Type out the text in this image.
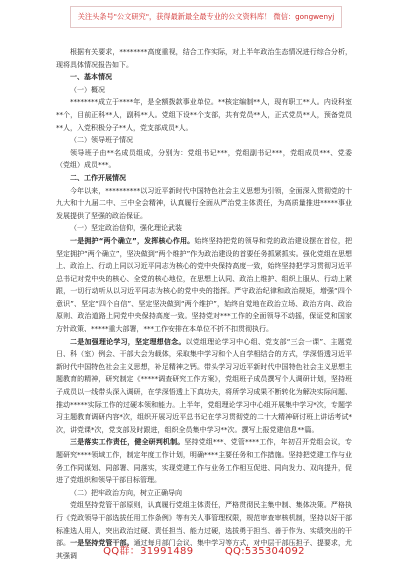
关注头条号"公文研究"，获得最新最全最专业的公文资料库！ 微信：gongwenyj

根据有关要求，********高度重视，结合工作实际，对上半年政治生态情况进行综合分析，现将具体情况报告如下。

一、基本情况

（一）概况

********成立于****年，是全额拨款事业单位。**核定编制**人，现有职工**人。内设科室**个，目前正科**人，副科**人。党组下设**个支部，共有党员**人，正式党员**人，预备党员**人，入党积极分子**人，党支部成员*人。

（二）领导班子情况

领导班子由**名成员组成，分别为：党组书记***，党组副书记***，党组成员***、党委（党组）成员***。

二、工作开展情况

今年以来，**********以习近平新时代中国特色社会主义思想为引领，全面深入贯彻党的十九大和十九届二中、三中全会精神，认真履行全面从严治党主体责任，为高质量推进*****事业发展提供了坚强的政治保证。

（一）坚定政治信仰，强化理论武装

一是拥护“两个确立”，发挥核心作用。始终坚持把党的领导和党的政治建设摆在首位，把坚定拥护“两个确立”，坚决做到“两个维护”作为政治建设的首要任务抓紧抓实。强化党组在思想上、政治上、行动上同以习近平同志为核心的党中央保持高度一致，始终坚持把学习贯彻习近平总书记对党中央的核心、全党的核心地位，在思想上认同、政治上维护、组织上服从、行动上紧跟，一切行动听从以习近平同志为核心的党中央的指挥。严守政治纪律和政治规矩，增强“四个意识”、坚定“四个自信”、坚定坚决做到“两个维护”，始终自觉地在政治立场、政治方向、政治原则、政治道路上同党中央保持高度一致。坚持党对***工作的全面领导不动摇，保证党和国家方针政策、*****重大部署，***工作安排在本单位不折不扣贯彻执行。

二是加强理论学习，坚定理想信念。以党组理论学习中心组、党支部“三会一课”、主题党日、科（室）例会、干部大会为载体，采取集中学习和个人自学相结合的方式，学深悟透习近平新时代中国特色社会主义思想，补足精神之钙。带头学习习近平新时代中国特色社会主义思想主题教育的精神，研究制定《*****调查研究工作方案》，党组班子成员撰写个人调研计划，坚持班子成员以一线带头深入调研，在学深悟透上下真功夫，将所学习成果不断转化为解决实际问题、推动*****实际工作的过硬本领和能力。上半年，党组理论学习中心组开展集中学习*次，专题学习主题教育调研内容*次，组织开展习近平总书记在学习贯彻党的二十大精神研讨班上讲话考试*次，讲党课*次，党支部及时跟进，组织全员集中学习**次。撰写上报党建信息**篇。

三是落实工作责任，健全研判机制。坚持党组***、党管****工作，年初召开党组会议，专题研究****领域工作，制定年度工作计划，明确****主要任务和工作措施。坚持把党建工作与业务工作同谋划、同部署、同落实，实现党建工作与业务工作相互促进、同向发力、双向提升，促进了党组织和领导干部目标管理。

（二）把牢政治方向，树立正确导向

党组坚持党管干部原则，认真履行党组主体责任，严格贯彻民主集中制、集体决策。严格执行《党政领导干部选拔任用工作条例》等有关人事管理权限，规范审查审核机制，坚持以好干部标准选人用人，突出政治过硬、责任担当、能力过硬，选拔勇于担当、善于作为、实绩突出的干部。一是坚持党管干部。通过每月部门会议、集中学习等方式，对中层干部压担子、提要求，尤其强调	QQ群：31991489	QQ:535304092
